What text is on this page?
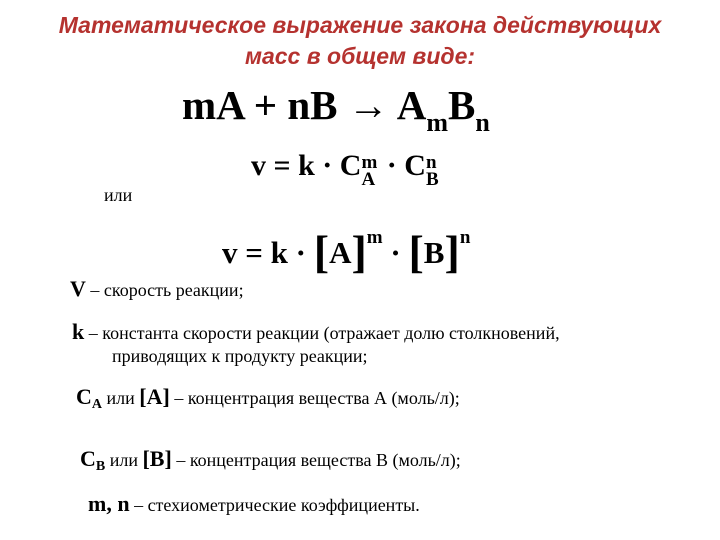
Математическое выражение закона действующих
масс в общем виде:
mA + nB → $A_mB_n$
v = k · C m
A · C n
B
или
$v = k \cdot [A]^m \cdot [B]^n$
V – скорость реакции;
k – константа скорости реакции (отражает долю столкновений,
приводящих к продукту реакции;
$C_A$ или [A] – концентрация вещества А (моль/л);
$C_B$ или [B] – концентрация вещества В (моль/л);
m, n – стехиометрические коэффициенты.
